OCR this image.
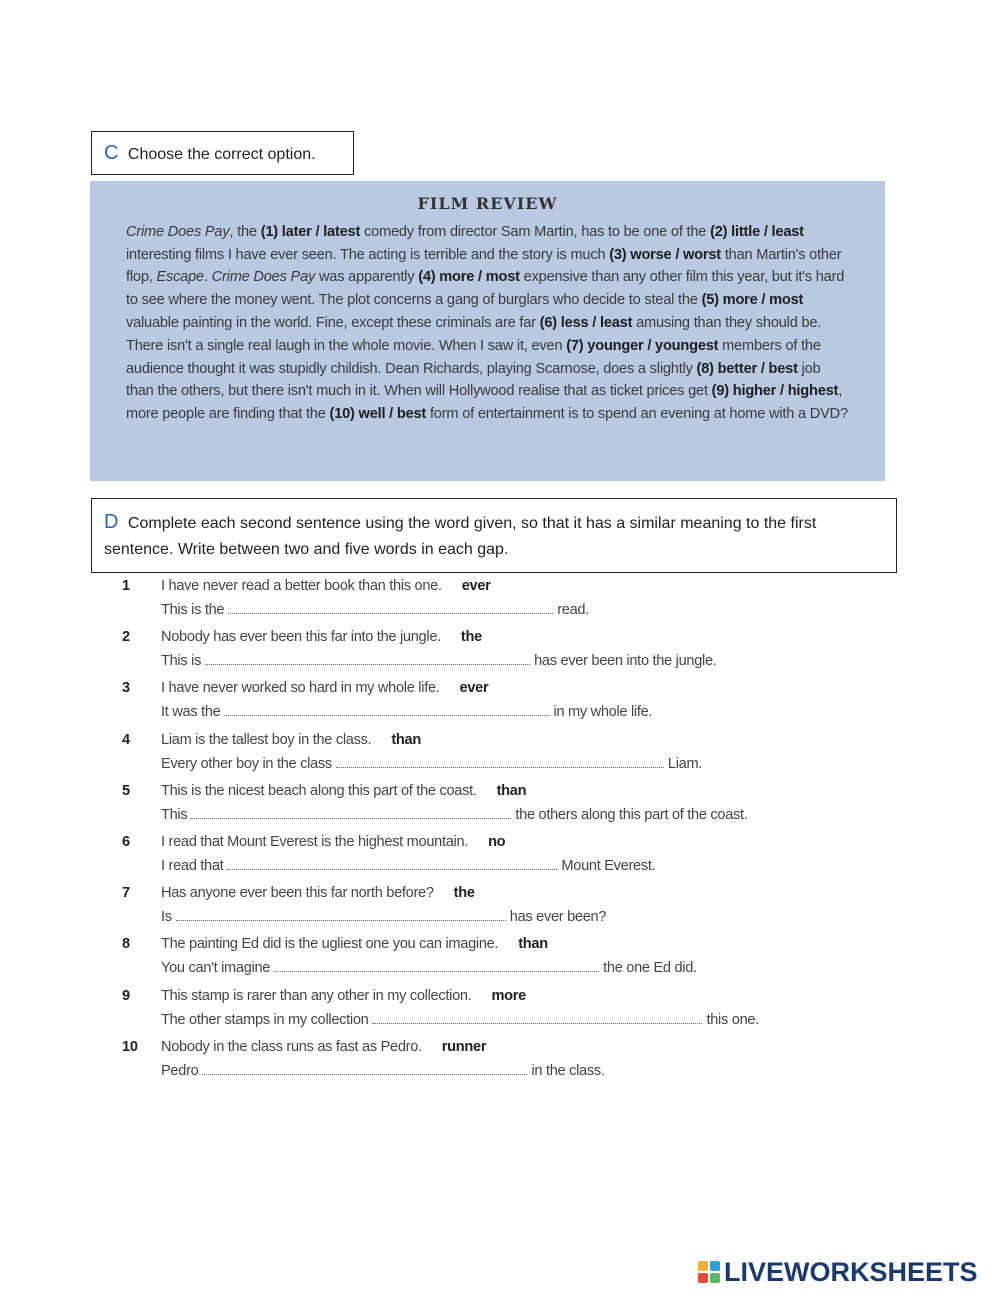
C Choose the correct option.
FILM REVIEW

Crime Does Pay, the (1) later / latest comedy from director Sam Martin, has to be one of the (2) little / least interesting films I have ever seen. The acting is terrible and the story is much (3) worse / worst than Martin's other flop, Escape. Crime Does Pay was apparently (4) more / most expensive than any other film this year, but it's hard to see where the money went. The plot concerns a gang of burglars who decide to steal the (5) more / most valuable painting in the world. Fine, except these criminals are far (6) less / least amusing than they should be. There isn't a single real laugh in the whole movie. When I saw it, even (7) younger / youngest members of the audience thought it was stupidly childish. Dean Richards, playing Scarnose, does a slightly (8) better / best job than the others, but there isn't much in it. When will Hollywood realise that as ticket prices get (9) higher / highest, more people are finding that the (10) well / best form of entertainment is to spend an evening at home with a DVD?

D Complete each second sentence using the word given, so that it has a similar meaning to the first sentence. Write between two and five words in each gap.
1 I have never read a better book than this one. ever
This is the	read.
2 Nobody has ever been this far into the jungle. the
This is	has ever been into the jungle.
3 I have never worked so hard in my whole life. ever
It was the	in my whole life.
4 Liam is the tallest boy in the class. than
Every other boy in the class	Liam.
5 This is the nicest beach along this part of the coast. than
This	the others along this part of the coast.
6 I read that Mount Everest is the highest mountain. no
I read that	Mount Everest.
7 Has anyone ever been this far north before? the
Is	has ever been?
8 The painting Ed did is the ugliest one you can imagine. than
You can't imagine	the one Ed did.
9 This stamp is rarer than any other in my collection. more
The other stamps in my collection	this one.
10 Nobody in the class runs as fast as Pedro. runner
Pedro	in the class.
LIVEWORKSHEETS
